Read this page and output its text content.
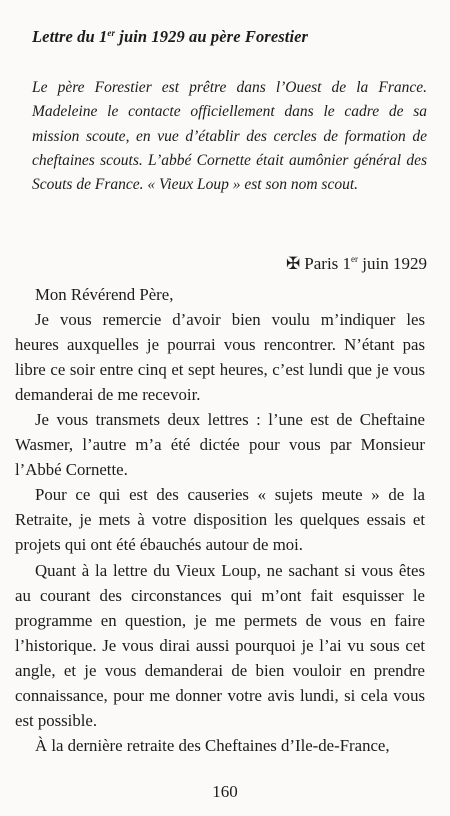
Lettre du 1er juin 1929 au père Forestier
Le père Forestier est prêtre dans l’Ouest de la France. Madeleine le contacte officiellement dans le cadre de sa mission scoute, en vue d’établir des cercles de formation de cheftaines scouts. L’abbé Cornette était aumônier général des Scouts de France. « Vieux Loup » est son nom scout.
✠ Paris 1er juin 1929

Mon Révérend Père,

Je vous remercie d’avoir bien voulu m’indiquer les heures auxquelles je pourrai vous rencontrer. N’étant pas libre ce soir entre cinq et sept heures, c’est lundi que je vous demanderai de me recevoir.

Je vous transmets deux lettres : l’une est de Cheftaine Wasmer, l’autre m’a été dictée pour vous par Monsieur l’Abbé Cornette.

Pour ce qui est des causeries « sujets meute » de la Retraite, je mets à votre disposition les quelques essais et projets qui ont été ébauchés autour de moi.

Quant à la lettre du Vieux Loup, ne sachant si vous êtes au courant des circonstances qui m’ont fait esquisser le programme en question, je me permets de vous en faire l’historique. Je vous dirai aussi pourquoi je l’ai vu sous cet angle, et je vous demanderai de bien vouloir en prendre connaissance, pour me donner votre avis lundi, si cela vous est possible.

À la dernière retraite des Cheftaines d’Ile-de-France,

160
